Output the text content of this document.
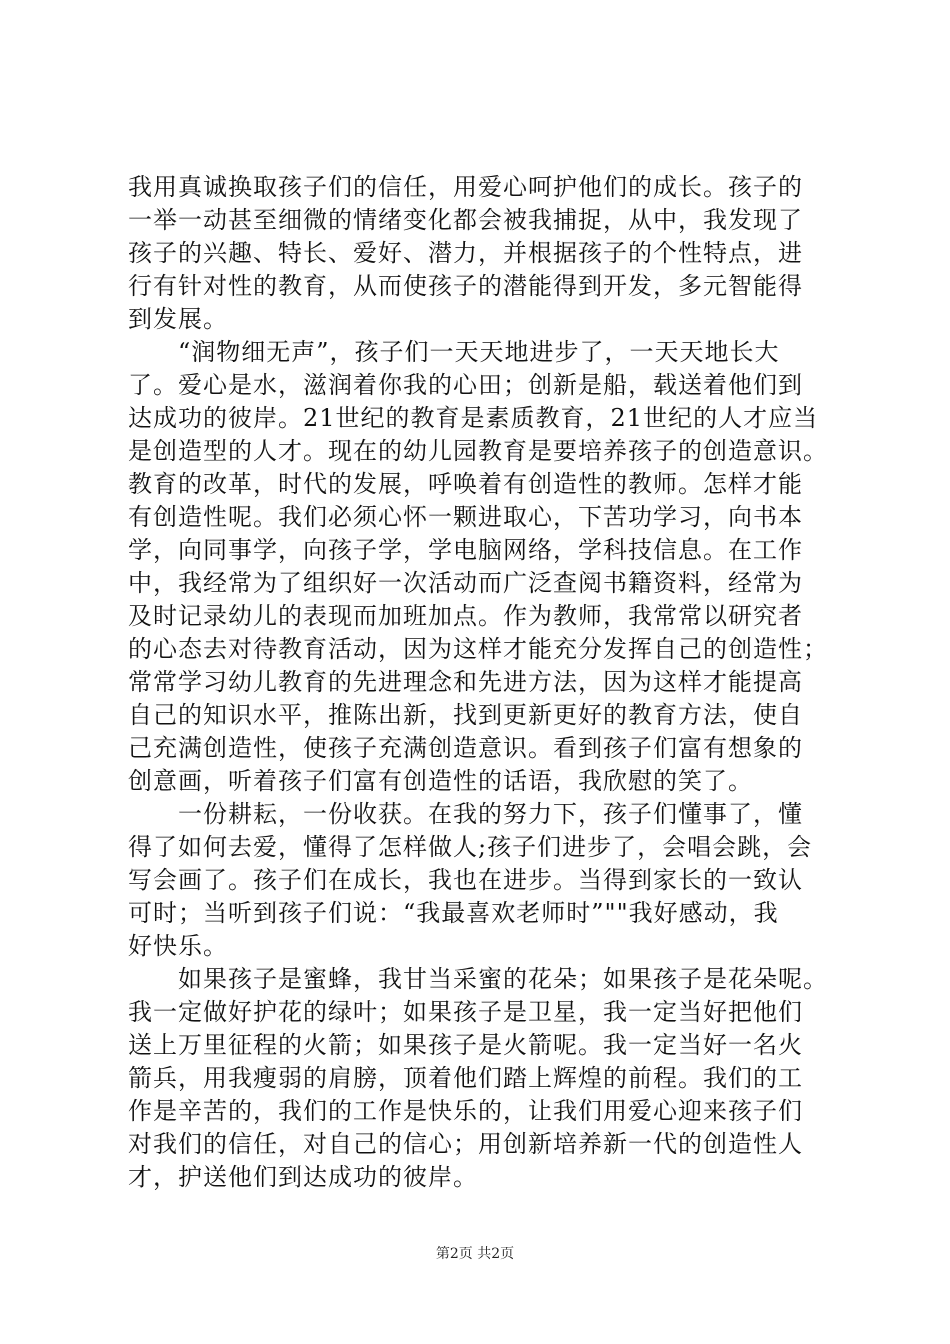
我用真诚换取孩子们的信任，用爱心呵护他们的成长。孩子的
一举一动甚至细微的情绪变化都会被我捕捉，从中，我发现了
孩子的兴趣、特长、爱好、潜力，并根据孩子的个性特点，进
行有针对性的教育，从而使孩子的潜能得到开发，多元智能得
到发展。
　　“润物细无声”，孩子们一天天地进步了，一天天地长大
了。爱心是水，滋润着你我的心田；创新是船，载送着他们到
达成功的彼岸。21世纪的教育是素质教育，21世纪的人才应当
是创造型的人才。现在的幼儿园教育是要培养孩子的创造意识。
教育的改革，时代的发展，呼唤着有创造性的教师。怎样才能
有创造性呢。我们必须心怀一颗进取心，下苦功学习，向书本
学，向同事学，向孩子学，学电脑网络，学科技信息。在工作
中，我经常为了组织好一次活动而广泛查阅书籍资料，经常为
及时记录幼儿的表现而加班加点。作为教师，我常常以研究者
的心态去对待教育活动，因为这样才能充分发挥自己的创造性；
常常学习幼儿教育的先进理念和先进方法，因为这样才能提高
自己的知识水平，推陈出新，找到更新更好的教育方法，使自
己充满创造性，使孩子充满创造意识。看到孩子们富有想象的
创意画，听着孩子们富有创造性的话语，我欣慰的笑了。
　　一份耕耘，一份收获。在我的努力下，孩子们懂事了，懂
得了如何去爱，懂得了怎样做人;孩子们进步了，会唱会跳，会
写会画了。孩子们在成长，我也在进步。当得到家长的一致认
可时；当听到孩子们说：“我最喜欢老师时”""我好感动，我
好快乐。
　　如果孩子是蜜蜂，我甘当采蜜的花朵；如果孩子是花朵呢。
我一定做好护花的绿叶；如果孩子是卫星，我一定当好把他们
送上万里征程的火箭；如果孩子是火箭呢。我一定当好一名火
箭兵，用我瘦弱的肩膀，顶着他们踏上辉煌的前程。我们的工
作是辛苦的，我们的工作是快乐的，让我们用爱心迎来孩子们
对我们的信任，对自己的信心；用创新培养新一代的创造性人
才，护送他们到达成功的彼岸。
第2页 共2页
